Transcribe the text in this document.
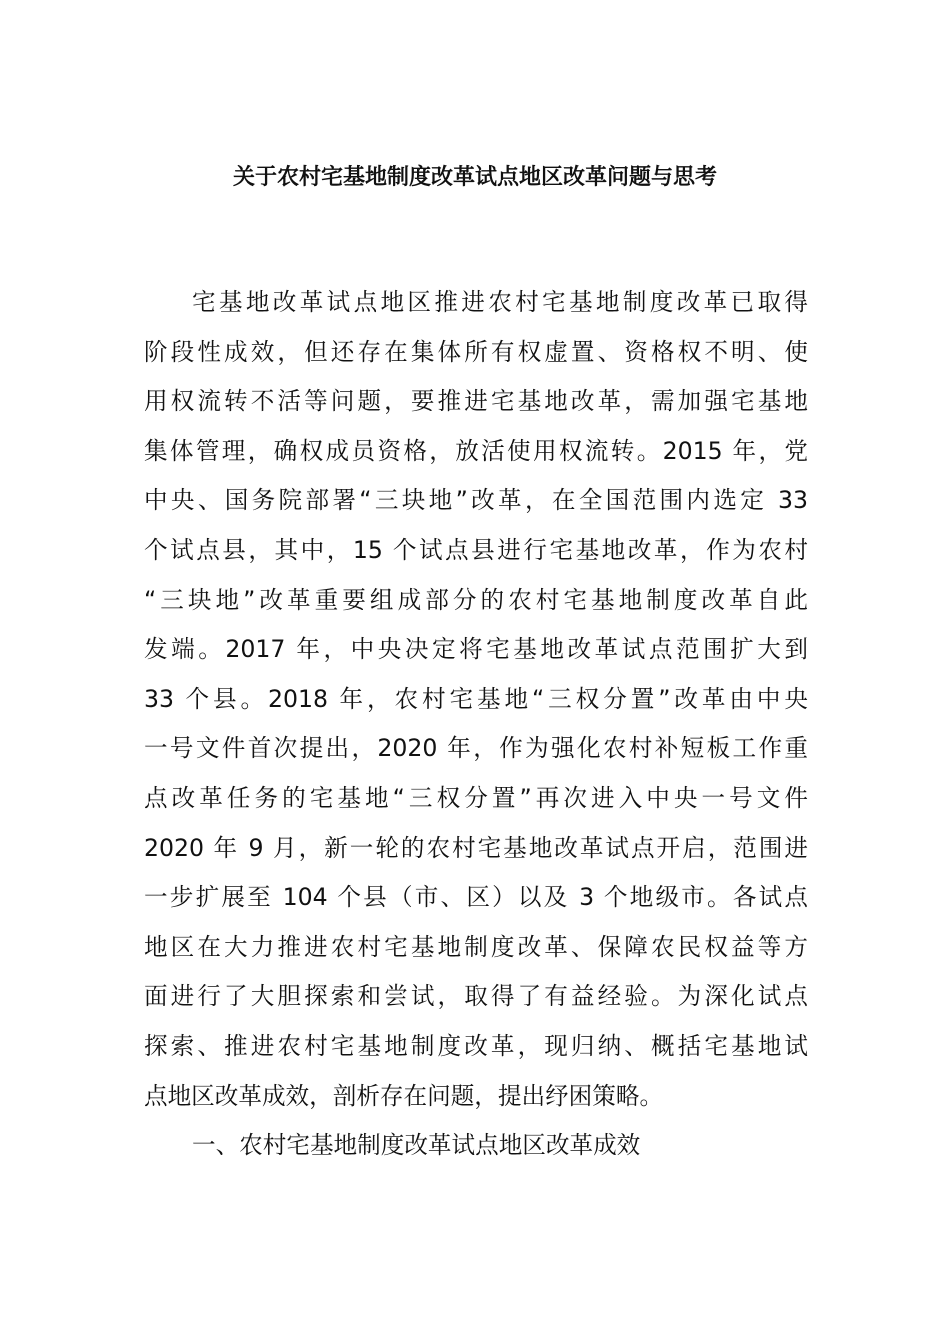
关于农村宅基地制度改革试点地区改革问题与思考
宅基地改革试点地区推进农村宅基地制度改革已取得
阶段性成效，但还存在集体所有权虚置、资格权不明、使
用权流转不活等问题，要推进宅基地改革，需加强宅基地
集体管理，确权成员资格，放活使用权流转。2015 年，党
中央、国务院部署“三块地”改革，在全国范围内选定 33
个试点县，其中，15 个试点县进行宅基地改革，作为农村
“三块地”改革重要组成部分的农村宅基地制度改革自此
发端。2017 年，中央决定将宅基地改革试点范围扩大到
33 个县。2018 年，农村宅基地“三权分置”改革由中央
一号文件首次提出，2020 年，作为强化农村补短板工作重
点改革任务的宅基地“三权分置”再次进入中央一号文件
2020 年 9 月，新一轮的农村宅基地改革试点开启，范围进
一步扩展至 104 个县（市、区）以及 3 个地级市。各试点
地区在大力推进农村宅基地制度改革、保障农民权益等方
面进行了大胆探索和尝试，取得了有益经验。为深化试点
探索、推进农村宅基地制度改革，现归纳、概括宅基地试
点地区改革成效，剖析存在问题，提出纾困策略。
一、农村宅基地制度改革试点地区改革成效
